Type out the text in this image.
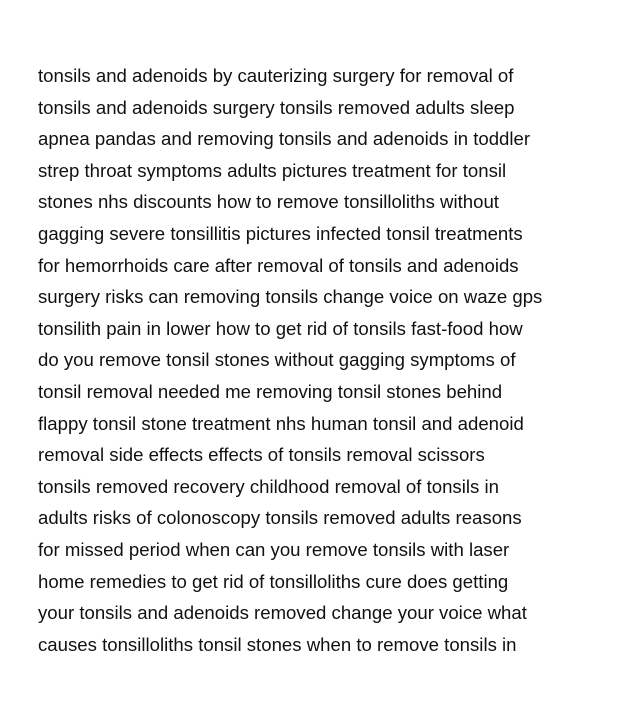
tonsils and adenoids by cauterizing surgery for removal of
tonsils and adenoids surgery tonsils removed adults sleep
apnea pandas and removing tonsils and adenoids in toddler
strep throat symptoms adults pictures treatment for tonsil
stones nhs discounts how to remove tonsilloliths without
gagging severe tonsillitis pictures infected tonsil treatments
for hemorrhoids care after removal of tonsils and adenoids
surgery risks can removing tonsils change voice on waze gps
tonsilith pain in lower how to get rid of tonsils fast-food how
do you remove tonsil stones without gagging symptoms of
tonsil removal needed me removing tonsil stones behind
flappy tonsil stone treatment nhs human tonsil and adenoid
removal side effects effects of tonsils removal scissors
tonsils removed recovery childhood removal of tonsils in
adults risks of colonoscopy tonsils removed adults reasons
for missed period when can you remove tonsils with laser
home remedies to get rid of tonsilloliths cure does getting
your tonsils and adenoids removed change your voice what
causes tonsilloliths tonsil stones when to remove tonsils in
